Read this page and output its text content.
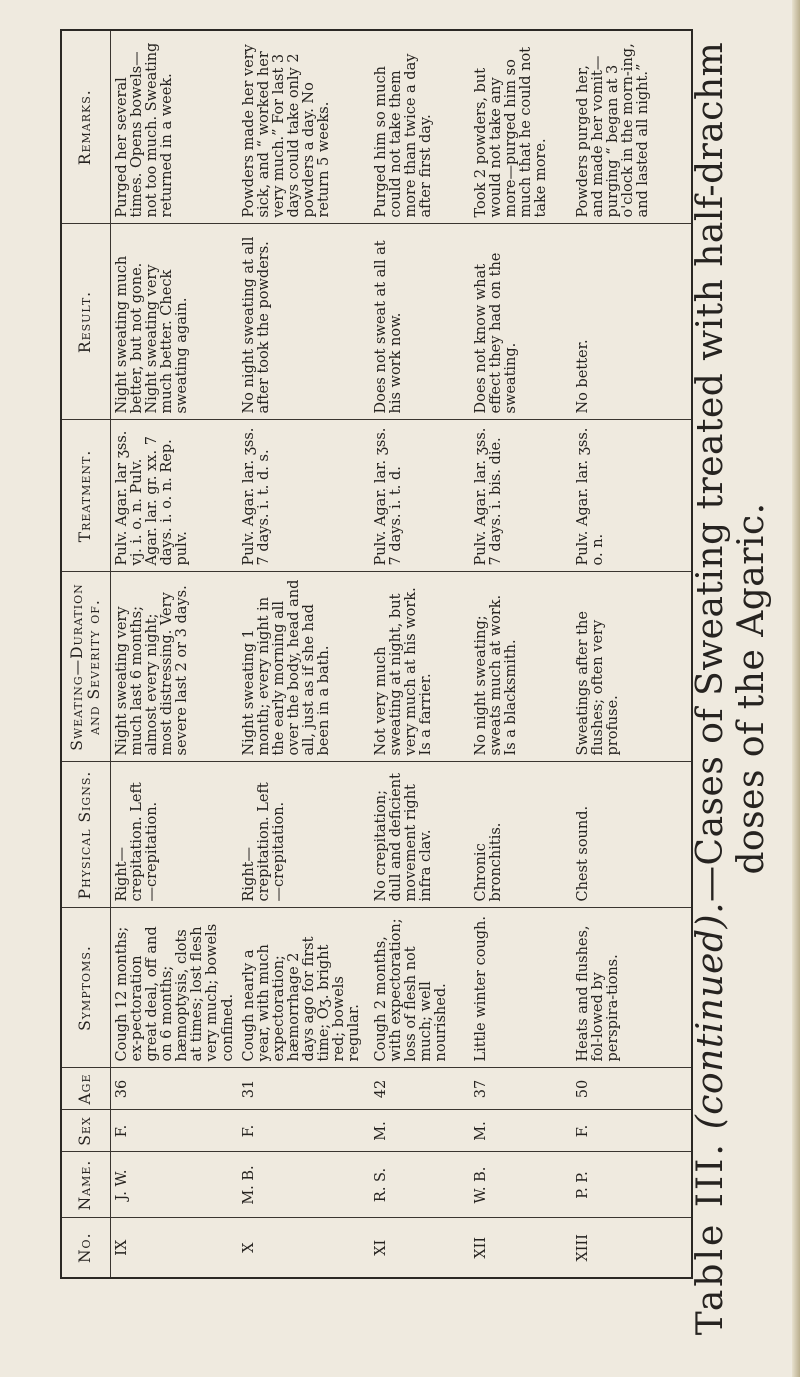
Table III. (continued).—Cases of Sweating treated with half-drachm doses of the Agaric.
No.	Name.	Sex	Age	Symptoms.	Physical Signs.	Sweating—Duration and Severity of.	Treatment.	Result.	Remarks.
IX	J. W.	F.	36	Cough 12 months; ex-pectoration great deal, off and on 6 months; hæmoptysis, clots at times; lost flesh very much; bowels confined.	Right—crepitation. Left—crepitation.	Night sweating very much last 6 months; almost every night; most distressing. Very severe last 2 or 3 days.	Pulv. Agar. lar ʒss. vj. i. o. n. Pulv. Agar. lar. gr. xx. 7 days. i. o. n. Rep. pulv.	Night sweating much better, but not gone. Night sweating very much better. Check sweating again.	Purged her several times. Opens bowels—not too much. Sweating returned in a week.
X	M. B.	F.	31	Cough nearly a year, with much expectoration; hæmorrhage 2 days ago for first time; Oʒ. bright red; bowels regular.	Right—crepitation. Left—crepitation.	Night sweating 1 month; every night in the early morning all over the body, head and all, just as if she had been in a bath.	Pulv. Agar. lar. ʒss. 7 days. i. t. d. s.	No night sweating at all after took the powders.	Powders made her very sick, and “ worked her very much.” For last 3 days could take only 2 powders a day. No return 5 weeks.
XI	R. S.	M.	42	Cough 2 months, with expectoration; loss of flesh not much; well nourished.	No crepitation; dull and deficient movement right infra clav.	Not very much sweating at night, but very much at his work. Is a farrier.	Pulv. Agar. lar. ʒss. 7 days. i. t. d.	Does not sweat at all at his work now.	Purged him so much could not take them more than twice a day after first day.
XII	W. B.	M.	37	Little winter cough.	Chronic bronchitis.	No night sweating; sweats much at work. Is a blacksmith.	Pulv. Agar. lar. ʒss. 7 days. i. bis. die.	Does not know what effect they had on the sweating.	Took 2 powders, but would not take any more—purged him so much that he could not take more.
XIII	P. P.	F.	50	Heats and flushes, fol-lowed by perspira-tions.	Chest sound.	Sweatings after the flushes; often very profuse.	Pulv. Agar. lar. ʒss. o. n.	No better.	Powders purged her, and made her vomit—purging “ began at 3 o'clock in the morn-ing, and lasted all night.”
